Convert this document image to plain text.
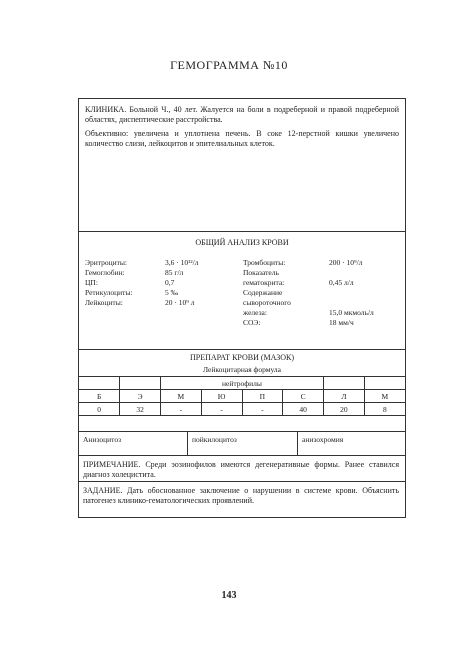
ГЕМОГРАММА №10

КЛИНИКА. Больной Ч., 40 лет. Жалуется на боли в подреберной и правой подреберной областях, диспептические расстройства.

Объективно: увеличена и уплотнена печень. В соке 12-перстной кишки увеличено количество слизи, лейкоцитов и эпителиальных клеток.

ОБЩИЙ АНАЛИЗ КРОВИ
Эритроциты:	3,6 · 10¹²/л
Гемоглобин:	85 г/л
ЦП:	0,7
Ретикулоциты:	5 ‰
Лейкоциты:	20 · 10⁹ л
Тромбоциты:	200 · 10⁹/л
Показатель
гематокрита:	0,45 л/л
Содержание
сывороточного
железа:	15,0 мкмоль/л
СОЭ:	18 мм/ч
ПРЕПАРАТ КРОВИ (МАЗОК)
Лейкоцитарная формула
		нейтрофилы					
Б	Э	М	Ю	П	С	Л	М
0	32	-	-	-	40	20	8
Анизоцитоз	пойкилоцитоз	анизохромия

ПРИМЕЧАНИЕ. Среди эозинофилов имеются дегенеративные формы. Ранее ставился диагноз холецистита.

ЗАДАНИЕ. Дать обоснованное заключение о нарушении в системе крови. Объяснить патогенез клинико-гематологических проявлений.

143
